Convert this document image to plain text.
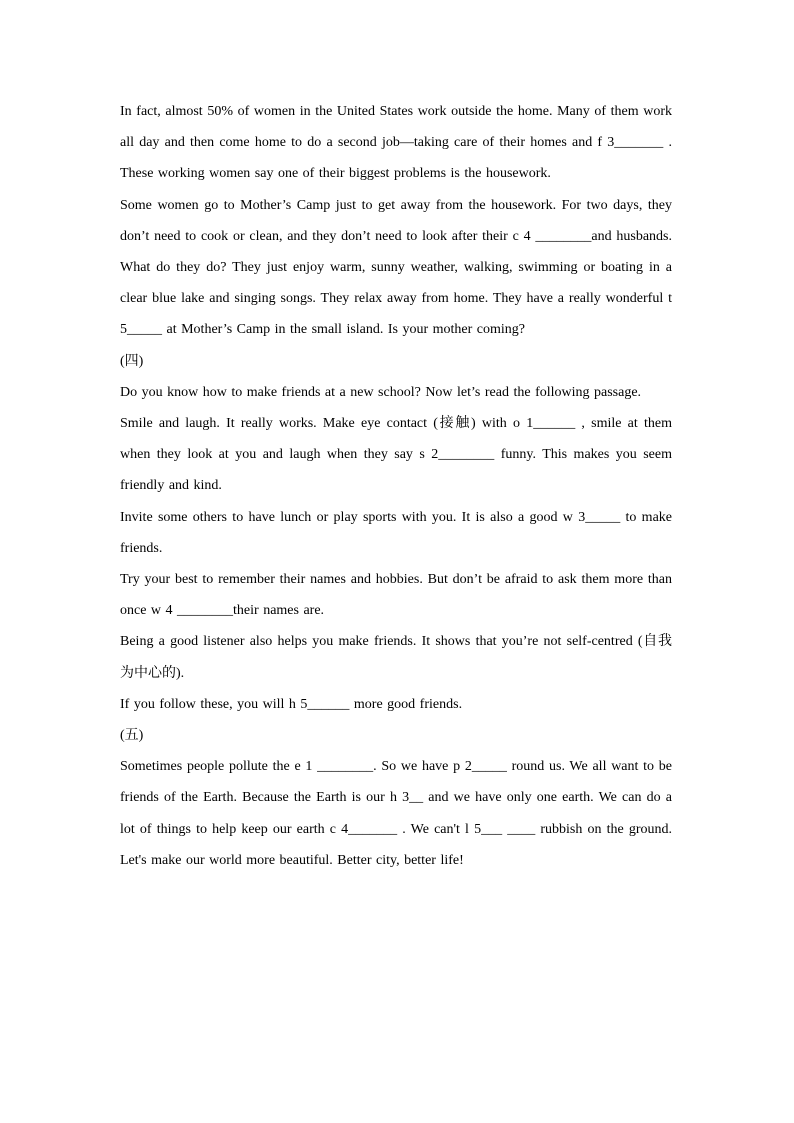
In fact, almost 50% of women in the United States work outside the home. Many of them work all day and then come home to do a second job—taking care of their homes and f 3_______ . These working women say one of their biggest problems is the housework.

Some women go to Mother’s Camp just to get away from the housework. For two days, they don’t need to cook or clean, and they don’t need to look after their c 4 ________and husbands. What do they do? They just enjoy warm, sunny weather, walking, swimming or boating in a clear blue lake and singing songs. They relax away from home. They have a really wonderful t 5_____ at Mother’s Camp in the small island. Is your mother coming?

(四)

Do you know how to make friends at a new school? Now let’s read the following passage.

Smile and laugh. It really works. Make eye contact (接触) with o 1______ , smile at them when they look at you and laugh when they say s 2________ funny. This makes you seem friendly and kind.

Invite some others to have lunch or play sports with you. It is also a good w 3_____ to make friends.

Try your best to remember their names and hobbies. But don’t be afraid to ask them more than once w 4 ________their names are.

Being a good listener also helps you make friends. It shows that you’re not self-centred (自我为中心的).

If you follow these, you will h 5______ more good friends.

(五)

Sometimes people pollute the e 1 ________. So we have p 2_____ round us. We all want to be friends of the Earth. Because the Earth is our h 3__ and we have only one earth. We can do a lot of things to help keep our earth c 4_______ . We can't l 5___ ____ rubbish on the ground. Let's make our world more beautiful. Better city, better life!
